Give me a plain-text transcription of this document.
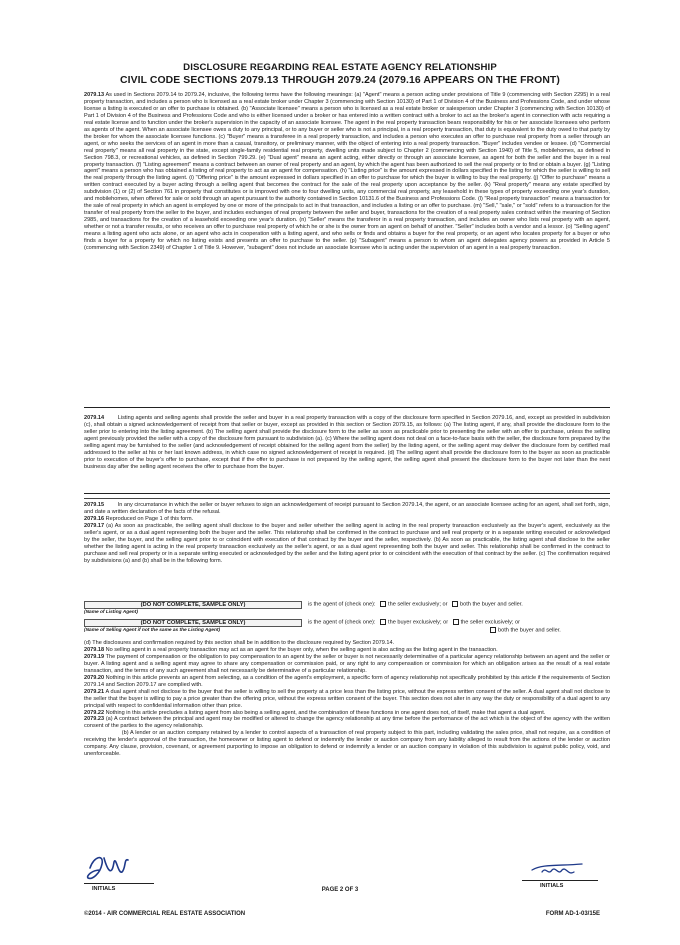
DISCLOSURE REGARDING REAL ESTATE AGENCY RELATIONSHIP
CIVIL CODE SECTIONS 2079.13 THROUGH 2079.24 (2079.16 APPEARS ON THE FRONT)
2079.13 As used in Sections 2079.14 to 2079.24, inclusive, the following terms have the following meanings: (a) "Agent" means a person acting under provisions of Title 9 (commencing with Section 2295) in a real property transaction, and includes a person who is licensed as a real estate broker under Chapter 3 (commencing with Section 10130) of Part 1 of Division 4 of the Business and Professions Code, and under whose license a listing is executed or an offer to purchase is obtained. (b) "Associate licensee" means a person who is licensed as a real estate broker or salesperson under Chapter 3 (commencing with Section 10130) of Part 1 of Division 4 of the Business and Professions Code and who is either licensed under a broker or has entered into a written contract with a broker to act as the broker's agent in connection with acts requiring a real estate license and to function under the broker's supervision in the capacity of an associate licensee. The agent in the real property transaction bears responsibility for his or her associate licensees who perform as agents of the agent. When an associate licensee owes a duty to any principal, or to any buyer or seller who is not a principal, in a real property transaction, that duty is equivalent to the duty owed to that party by the broker for whom the associate licensee functions. (c) "Buyer" means a transferee in a real property transaction, and includes a person who executes an offer to purchase real property from a seller through an agent, or who seeks the services of an agent in more than a casual, transitory, or preliminary manner, with the object of entering into a real property transaction. "Buyer" includes vendee or lessee. (d) "Commercial real property" means all real property in the state, except single-family residential real property, dwelling units made subject to Chapter 2 (commencing with Section 1940) of Title 5, mobilehomes, as defined in Section 798.3, or recreational vehicles, as defined in Section 799.29. (e) "Dual agent" means an agent acting, either directly or through an associate licensee, as agent for both the seller and the buyer in a real property transaction. (f) "Listing agreement" means a contract between an owner of real property and an agent, by which the agent has been authorized to sell the real property or to find or obtain a buyer. (g) "Listing agent" means a person who has obtained a listing of real property to act as an agent for compensation. (h) "Listing price" is the amount expressed in dollars specified in the listing for which the seller is willing to sell the real property through the listing agent. (i) "Offering price" is the amount expressed in dollars specified in an offer to purchase for which the buyer is willing to buy the real property. (j) "Offer to purchase" means a written contract executed by a buyer acting through a selling agent that becomes the contract for the sale of the real property upon acceptance by the seller. (k) "Real property" means any estate specified by subdivision (1) or (2) of Section 761 in property that constitutes or is improved with one to four dwelling units, any commercial real property, any leasehold in these types of property exceeding one year's duration, and mobilehomes, when offered for sale or sold through an agent pursuant to the authority contained in Section 10131.6 of the Business and Professions Code. (l) "Real property transaction" means a transaction for the sale of real property in which an agent is employed by one or more of the principals to act in that transaction, and includes a listing or an offer to purchase. (m) "Sell," "sale," or "sold" refers to a transaction for the transfer of real property from the seller to the buyer, and includes exchanges of real property between the seller and buyer, transactions for the creation of a real property sales contract within the meaning of Section 2985, and transactions for the creation of a leasehold exceeding one year's duration. (n) "Seller" means the transferor in a real property transaction, and includes an owner who lists real property with an agent, whether or not a transfer results, or who receives an offer to purchase real property of which he or she is the owner from an agent on behalf of another. "Seller" includes both a vendor and a lessor. (o) "Selling agent" means a listing agent who acts alone, or an agent who acts in cooperation with a listing agent, and who sells or finds and obtains a buyer for the real property, or an agent who locates property for a buyer or who finds a buyer for a property for which no listing exists and presents an offer to purchase to the seller. (p) "Subagent" means a person to whom an agent delegates agency powers as provided in Article 5 (commencing with Section 2349) of Chapter 1 of Title 9. However, "subagent" does not include an associate licensee who is acting under the supervision of an agent in a real property transaction.
2079.14 Listing agents and selling agents shall provide the seller and buyer in a real property transaction with a copy of the disclosure form specified in Section 2079.16, and, except as provided in subdivision (c), shall obtain a signed acknowledgement of receipt from that seller or buyer, except as provided in this section or Section 2079.15, as follows: (a) The listing agent, if any, shall provide the disclosure form to the seller prior to entering into the listing agreement. (b) The selling agent shall provide the disclosure form to the seller as soon as practicable prior to presenting the seller with an offer to purchase, unless the selling agent previously provided the seller with a copy of the disclosure form pursuant to subdivision (a). (c) Where the selling agent does not deal on a face-to-face basis with the seller, the disclosure form prepared by the selling agent may be furnished to the seller (and acknowledgement of receipt obtained for the selling agent from the seller) by the listing agent, or the selling agent may deliver the disclosure form by certified mail addressed to the seller at his or her last known address, in which case no signed acknowledgement of receipt is required. (d) The selling agent shall provide the disclosure form to the buyer as soon as practicable prior to execution of the buyer's offer to purchase, except that if the offer to purchase is not prepared by the selling agent, the selling agent shall present the disclosure form to the buyer not later than the next business day after the selling agent receives the offer to purchase from the buyer.
2079.15 In any circumstance in which the seller or buyer refuses to sign an acknowledgement of receipt pursuant to Section 2079.14, the agent, or an associate licensee acting for an agent, shall set forth, sign, and date a written declaration of the facts of the refusal.
2079.16 Reproduced on Page 1 of this form.
2079.17 (a) As soon as practicable, the selling agent shall disclose to the buyer and seller whether the selling agent is acting in the real property transaction exclusively as the buyer's agent, exclusively as the seller's agent, or as a dual agent representing both the buyer and the seller. This relationship shall be confirmed in the contract to purchase and sell real property or in a separate writing executed or acknowledged by the seller, the buyer, and the selling agent prior to or coincident with execution of that contract by the buyer and the seller, respectively. (b) As soon as practicable, the listing agent shall disclose to the seller whether the listing agent is acting in the real property transaction exclusively as the seller's agent, or as a dual agent representing both the buyer and seller. This relationship shall be confirmed in the contract to purchase and sell real property or in a separate writing executed or acknowledged by the seller and the listing agent prior to or coincident with the execution of that contract by the seller. (c) The confirmation required by subdivisions (a) and (b) shall be in the following form.
(DO NOT COMPLETE, SAMPLE ONLY)	is the agent of (check one): the seller exclusively; or both the buyer and seller.
(Name of Listing Agent)
(DO NOT COMPLETE, SAMPLE ONLY)	is the agent of (check one): the buyer exclusively; or the seller exclusively; or
(Name of Selling Agent if not the same as the Listing Agent)	both the buyer and seller.
(d) The disclosures and confirmation required by this section shall be in addition to the disclosure required by Section 2079.14.
2079.18 No selling agent in a real property transaction may act as an agent for the buyer only, when the selling agent is also acting as the listing agent in the transaction.
2079.19 The payment of compensation or the obligation to pay compensation to an agent by the seller or buyer is not necessarily determinative of a particular agency relationship between an agent and the seller or buyer. A listing agent and a selling agent may agree to share any compensation or commission paid, or any right to any compensation or commission for which an obligation arises as the result of a real estate transaction, and the terms of any such agreement shall not necessarily be determinative of a particular relationship.
2079.20 Nothing in this article prevents an agent from selecting, as a condition of the agent's employment, a specific form of agency relationship not specifically prohibited by this article if the requirements of Section 2079.14 and Section 2079.17 are complied with.
2079.21 A dual agent shall not disclose to the buyer that the seller is willing to sell the property at a price less than the listing price, without the express written consent of the seller. A dual agent shall not disclose to the seller that the buyer is willing to pay a price greater than the offering price, without the express written consent of the buyer. This section does not alter in any way the duty or responsibility of a dual agent to any principal with respect to confidential information other than price.
2079.22 Nothing in this article precludes a listing agent from also being a selling agent, and the combination of these functions in one agent does not, of itself, make that agent a dual agent.
2079.23 (a) A contract between the principal and agent may be modified or altered to change the agency relationship at any time before the performance of the act which is the object of the agency with the written consent of the parties to the agency relationship.
(b) A lender or an auction company retained by a lender to control aspects of a transaction of real property subject to this part, including validating the sales price, shall not require, as a condition of receiving the lender's approval of the transaction, the homeowner or listing agent to defend or indemnify the lender or auction company from any liability alleged to result from the actions of the lender or auction company. Any clause, provision, covenant, or agreement purporting to impose an obligation to defend or indemnify a lender or an auction company in violation of this subdivision is against public policy, void, and unenforceable.
INITIALS	PAGE 2 OF 3
INITIALS
©2014 - AIR COMMERCIAL REAL ESTATE ASSOCIATION	FORM AD-1-03/15E
